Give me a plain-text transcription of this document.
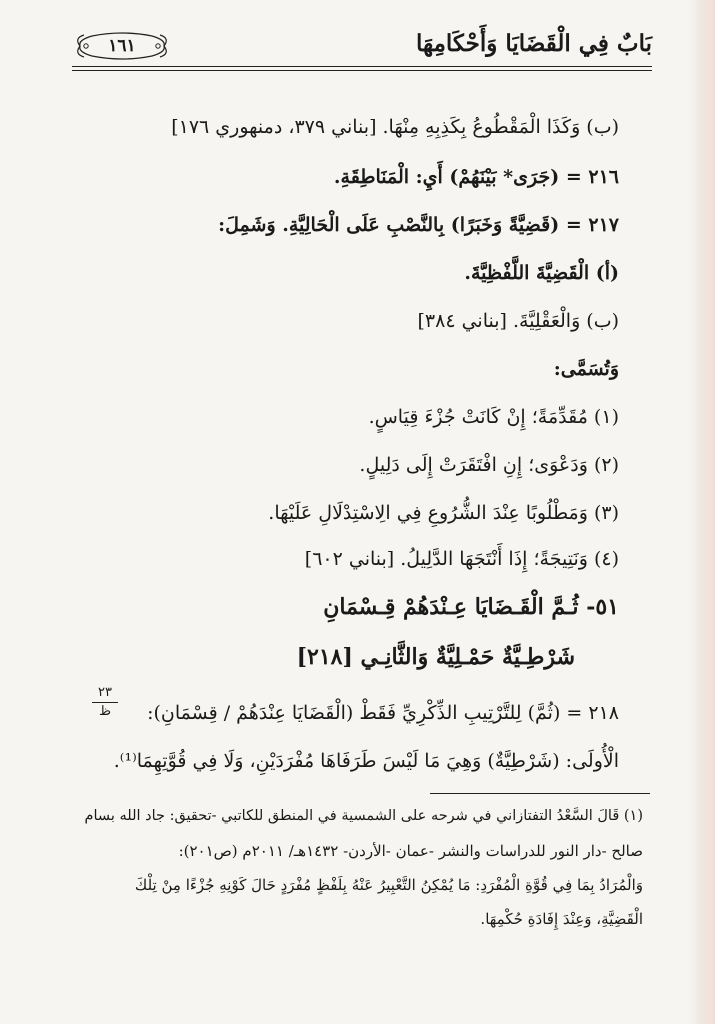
بَابٌ فِي الْقَضَايَا وَأَحْكَامِهَا
١٦١
(ب) وَكَذَا الْمَقْطُوعُ بِكَذِبِهِ مِنْهَا. [بناني ٣٧٩، دمنهوري ١٧٦]
٢١٦ = (جَرَى* بَيْنَهُمْ) أَيِ: الْمَنَاطِقَةِ.
٢١٧ = (قَضِيَّةً وَخَبَرًا) بِالنَّصْبِ عَلَى الْحَالِيَّةِ. وَشَمِلَ:
(أ) الْقَضِيَّةَ اللَّفْظِيَّةَ.
(ب) وَالْعَقْلِيَّةَ. [بناني ٣٨٤]
وَتُسَمَّى:
(١) مُقَدِّمَةً؛ إِنْ كَانَتْ جُزْءَ قِيَاسٍ.
(٢) وَدَعْوَى؛ إِنِ افْتَقَرَتْ إِلَى دَلِيلٍ.
(٣) وَمَطْلُوبًا عِنْدَ الشُّرُوعِ فِي الِاسْتِدْلَالِ عَلَيْهَا.
(٤) وَنَتِيجَةً؛ إِذَا أَنْتَجَهَا الدَّلِيلُ. [بناني ٦٠٢]
٥١- ثُـمَّ الْقَـضَايَا عِـنْدَهُمْ قِـسْمَانِ
شَرْطِـيَّةٌ حَمْـلِيَّةٌ وَالثَّانِـي [٢١٨]
٢٣
ظ	٢١٨ = (ثُمَّ) لِلتَّرْتِيبِ الذِّكْرِيِّ فَقَطْ (الْقَضَايَا عِنْدَهُمْ / قِسْمَانِ):
الْأُولَى: (شَرْطِيَّةٌ) وَهِيَ مَا لَيْسَ طَرَفَاهَا مُفْرَدَيْنِ، وَلَا فِي قُوَّتِهِمَا⁽¹⁾.
(١) قَالَ السَّعْدُ التفتازاني في شرحه على الشمسية في المنطق للكاتبي -تحقيق: جاد الله بسام
صالح -دار النور للدراسات والنشر -عمان -الأردن- ١٤٣٢هـ/ ٢٠١١م (ص٢٠١):
وَالْمُرَادُ بِمَا فِي قُوَّةِ الْمُفْرَدِ: مَا يُمْكِنُ التَّعْبِيرُ عَنْهُ بِلَفْظٍ مُفْرَدٍ حَالَ كَوْنِهِ جُزْءًا مِنْ تِلْكَ
الْقَضِيَّةِ، وَعِنْدَ إِفَادَةِ حُكْمِهَا.
